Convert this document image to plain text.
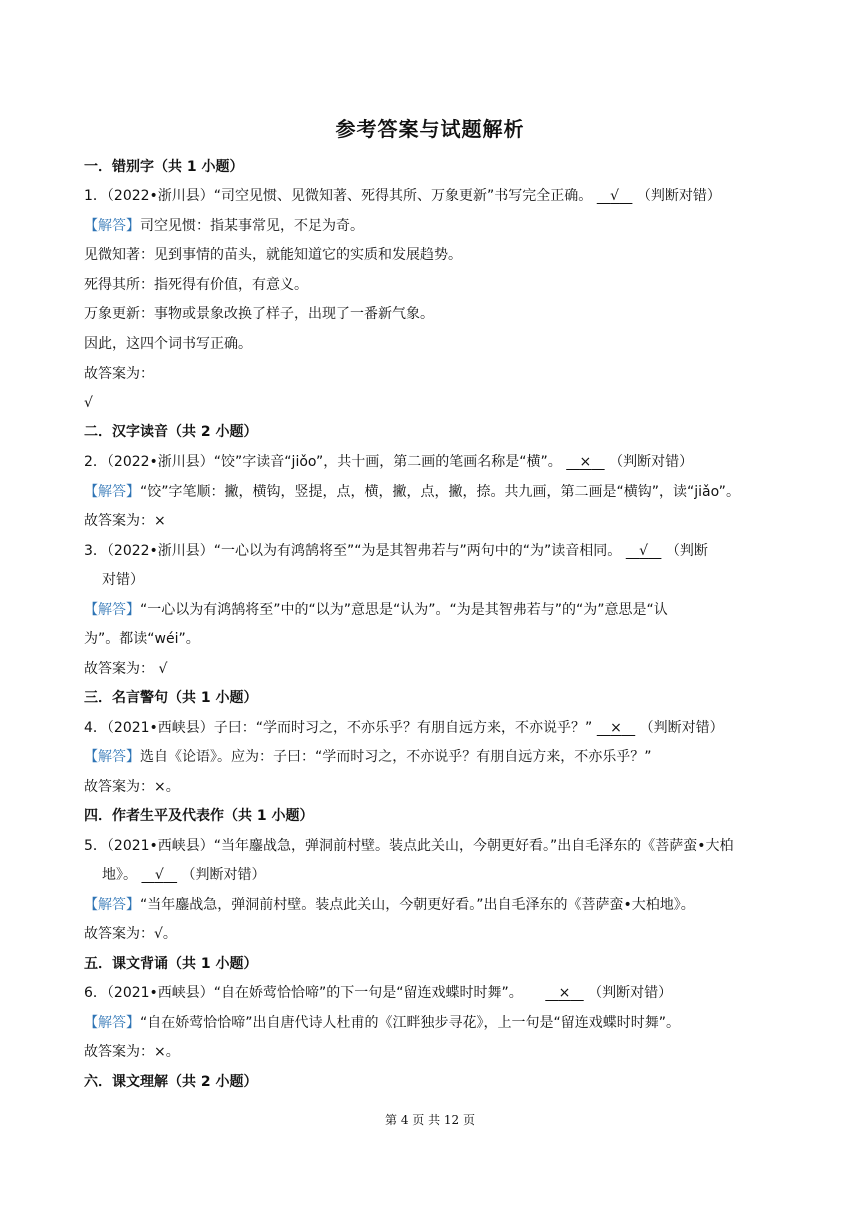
参考答案与试题解析
一．错别字（共 1 小题）
1．（2022•浙川县）“司空见惯、见微知著、死得其所、万象更新”书写完全正确。 √ （判断对错）
【解答】司空见惯：指某事常见，不足为奇。
见微知著：见到事情的苗头，就能知道它的实质和发展趋势。
死得其所：指死得有价值，有意义。
万象更新：事物或景象改换了样子，出现了一番新气象。
因此，这四个词书写正确。
故答案为：
√
二．汉字读音（共 2 小题）
2．（2022•浙川县）“饺”字读音“jiǒo”，共十画，第二画的笔画名称是“横”。 × （判断对错）
【解答】“饺”字笔顺：撇，横钩，竖提，点，横，撇，点，撇，捺。共九画，第二画是“横钩”，读“jiǎo”。
故答案为：×
3．（2022•浙川县）“一心以为有鸿鹄将至”“为是其智弗若与”两句中的“为”读音相同。 √ （判断
对错）
【解答】“一心以为有鸿鹄将至”中的“以为”意思是“认为”。“为是其智弗若与”的“为”意思是“认
为”。都读“wéi”。
故答案为： √
三．名言警句（共 1 小题）
4．（2021•西峡县）子曰：“学而时习之，不亦乐乎？有朋自远方来，不亦说乎？” × （判断对错）
【解答】选自《论语》。应为：子曰：“学而时习之，不亦说乎？有朋自远方来，不亦乐乎？”
故答案为：×。
四．作者生平及代表作（共 1 小题）
5．（2021•西峡县）“当年鏖战急，弹洞前村壁。装点此关山，今朝更好看。”出自毛泽东的《菩萨蛮•大柏
地》。 √ （判断对错）
【解答】“当年鏖战急，弹洞前村壁。装点此关山，今朝更好看。”出自毛泽东的《菩萨蛮•大柏地》。
故答案为：√。
五．课文背诵（共 1 小题）
6．（2021•西峡县）“自在娇莺恰恰啼”的下一句是“留连戏蝶时时舞”。	× （判断对错）
【解答】“自在娇莺恰恰啼”出自唐代诗人杜甫的《江畔独步寻花》，上一句是“留连戏蝶时时舞”。
故答案为：×。
六．课文理解（共 2 小题）
第 4 页 共 12 页
